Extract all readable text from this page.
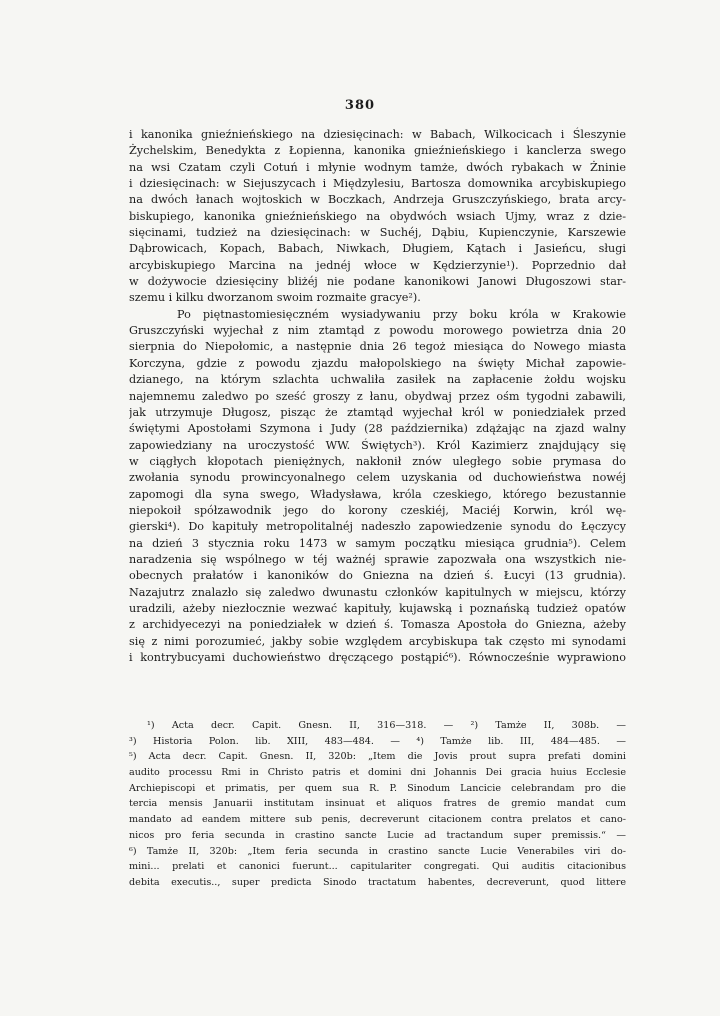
380
i kanonika gnieźnieńskiego na dziesięcinach: w Babach, Wilkocicach i Śleszynie
Żychelskim, Benedykta z Łopienna, kanonika gnieźnieńskiego i kanclerza swego
na wsi Czatam czyli Cotuń i młynie wodnym tamże, dwóch rybakach w Żninie
i dziesięcinach: w Siejuszycach i Międzylesiu, Bartosza domownika arcybiskupiego
na dwóch łanach wojtoskich w Boczkach, Andrzeja Gruszczyńskiego, brata arcy-
biskupiego, kanonika gnieźnieńskiego na obydwóch wsiach Ujmy, wraz z dzie-
sięcinami, tudzież na dziesięcinach: w Suchéj, Dąbiu, Kupienczynie, Karszewie
Dąbrowicach, Kopach, Babach, Niwkach, Długiem, Kątach i Jasieńcu, sługi
arcybiskupiego Marcina na jednéj włoce w Kędzierzynie¹). Poprzednio dał
w dożywocie dziesięciny bliżéj nie podane kanonikowi Janowi Długoszowi star-
szemu i kilku dworzanom swoim rozmaite gracye²).
Po piętnastomiesięczném wysiadywaniu przy boku króla w Krakowie
Gruszczyński wyjechał z nim ztamtąd z powodu morowego powietrza dnia 20
sierpnia do Niepołomic, a następnie dnia 26 tegoż miesiąca do Nowego miasta
Korczyna, gdzie z powodu zjazdu małopolskiego na święty Michał zapowie-
dzianego, na którym szlachta uchwaliła zasiłek na zapłacenie żołdu wojsku
najemnemu zaledwo po sześć groszy z łanu, obydwaj przez ośm tygodni zabawili,
jak utrzymuje Długosz, pisząc że ztamtąd wyjechał król w poniedziałek przed
świętymi Apostołami Szymona i Judy (28 października) zdążając na zjazd walny
zapowiedziany na uroczystość WW. Świętych³). Król Kazimierz znajdujący się
w ciągłych kłopotach pieniężnych, nakłonił znów uległego sobie prymasa do
zwołania synodu prowincyonalnego celem uzyskania od duchowieństwa nowéj
zapomogi dla syna swego, Władysława, króla czeskiego, którego bezustannie
niepokoił spółzawodnik jego do korony czeskiéj, Maciéj Korwin, król wę-
gierski⁴). Do kapituły metropolitalnéj nadeszło zapowiedzenie synodu do Łęczycy
na dzień 3 stycznia roku 1473 w samym początku miesiąca grudnia⁵). Celem
naradzenia się wspólnego w téj ważnéj sprawie zapozwała ona wszystkich nie-
obecnych prałatów i kanoników do Gniezna na dzień ś. Łucyi (13 grudnia).
Nazajutrz znalazło się zaledwo dwunastu członków kapitulnych w miejscu, którzy
uradzili, ażeby niezłocznie wezwać kapituły, kujawską i poznańską tudzież opatów
z archidyecezyi na poniedziałek w dzień ś. Tomasza Apostoła do Gniezna, ażeby
się z nimi porozumieć, jakby sobie względem arcybiskupa tak często mi synodami
i kontrybucyami duchowieństwo dręczącego postąpić⁶). Równocześnie wyprawiono
¹) Acta decr. Capit. Gnesn. II, 316—318. — ²) Tamże II, 308b. —
³) Historia Polon. lib. XIII, 483—484. — ⁴) Tamże lib. III, 484—485. —
⁵) Acta decr. Capit. Gnesn. II, 320b: „Item die Jovis prout supra prefati domini
audito processu Rmi in Christo patris et domini dni Johannis Dei gracia huius Ecclesie
Archiepiscopi et primatis, per quem sua R. P. Sinodum Lancicie celebrandam pro die
tercia mensis Januarii institutam insinuat et aliquos fratres de gremio mandat cum
mandato ad eandem mittere sub penis, decreverunt citacionem contra prelatos et cano-
nicos pro feria secunda in crastino sancte Lucie ad tractandum super premissis.“ —
⁶) Tamże II, 320b: „Item feria secunda in crastino sancte Lucie Venerabiles viri do-
mini... prelati et canonici fuerunt... capitulariter congregati. Qui auditis citacionibus
debita executis.., super predicta Sinodo tractatum habentes, decreverunt, quod littere
